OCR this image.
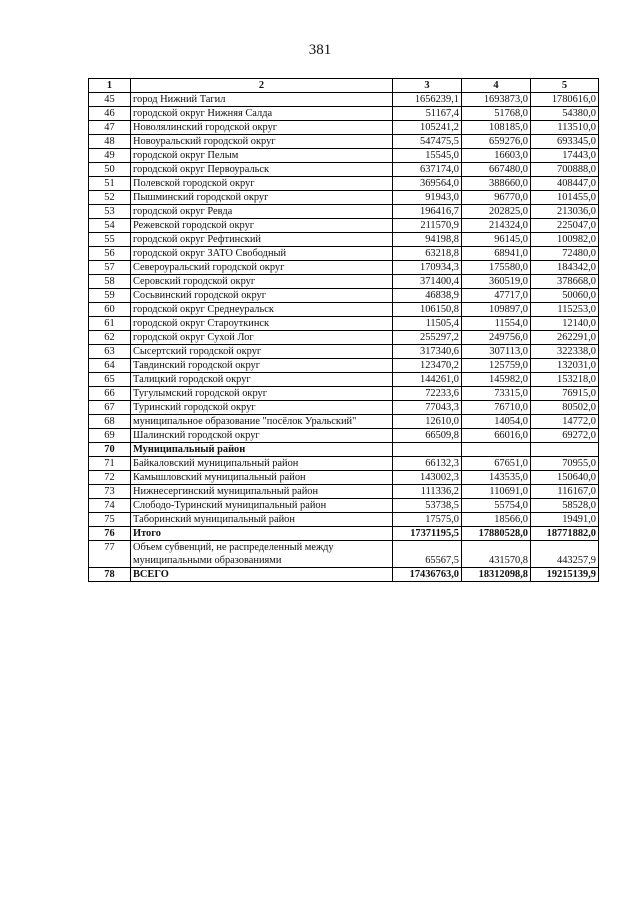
381
1	2	3	4	5
45	город Нижний Тагил	1656239,1	1693873,0	1780616,0
46	городской округ Нижняя Салда	51167,4	51768,0	54380,0
47	Новолялинский городской округ	105241,2	108185,0	113510,0
48	Новоуральский городской округ	547475,5	659276,0	693345,0
49	городской округ Пелым	15545,0	16603,0	17443,0
50	городской округ Первоуральск	637174,0	667480,0	700888,0
51	Полевской городской округ	369564,0	388660,0	408447,0
52	Пышминский городской округ	91943,0	96770,0	101455,0
53	городской округ Ревда	196416,7	202825,0	213036,0
54	Режевской городской округ	211570,9	214324,0	225047,0
55	городской округ Рефтинский	94198,8	96145,0	100982,0
56	городской округ ЗАТО Свободный	63218,8	68941,0	72480,0
57	Североуральский городской округ	170934,3	175580,0	184342,0
58	Серовский городской округ	371400,4	360519,0	378668,0
59	Сосьвинский городской округ	46838,9	47717,0	50060,0
60	городской округ Среднеуральск	106150,8	109897,0	115253,0
61	городской округ Староуткинск	11505,4	11554,0	12140,0
62	городской округ Сухой Лог	255297,2	249756,0	262291,0
63	Сысертский городской округ	317340,6	307113,0	322338,0
64	Тавдинский городской округ	123470,2	125759,0	132031,0
65	Талицкий городской округ	144261,0	145982,0	153218,0
66	Тугулымский городской округ	72233,6	73315,0	76915,0
67	Туринский городской округ	77043,3	76710,0	80502,0
68	муниципальное образование "посёлок Уральский"	12610,0	14054,0	14772,0
69	Шалинский городской округ	66509,8	66016,0	69272,0
70	Муниципальный район			
71	Байкаловский муниципальный район	66132,3	67651,0	70955,0
72	Камышловский муниципальный район	143002,3	143535,0	150640,0
73	Нижнесергинский муниципальный район	111336,2	110691,0	116167,0
74	Слободо-Туринский муниципальный район	53738,5	55754,0	58528,0
75	Таборинский муниципальный район	17575,0	18566,0	19491,0
76	Итого	17371195,5	17880528,0	18771882,0
77	Объем субвенций, не распределенный между муниципальными образованиями	65567,5	431570,8	443257,9
78	ВСЕГО	17436763,0	18312098,8	19215139,9
